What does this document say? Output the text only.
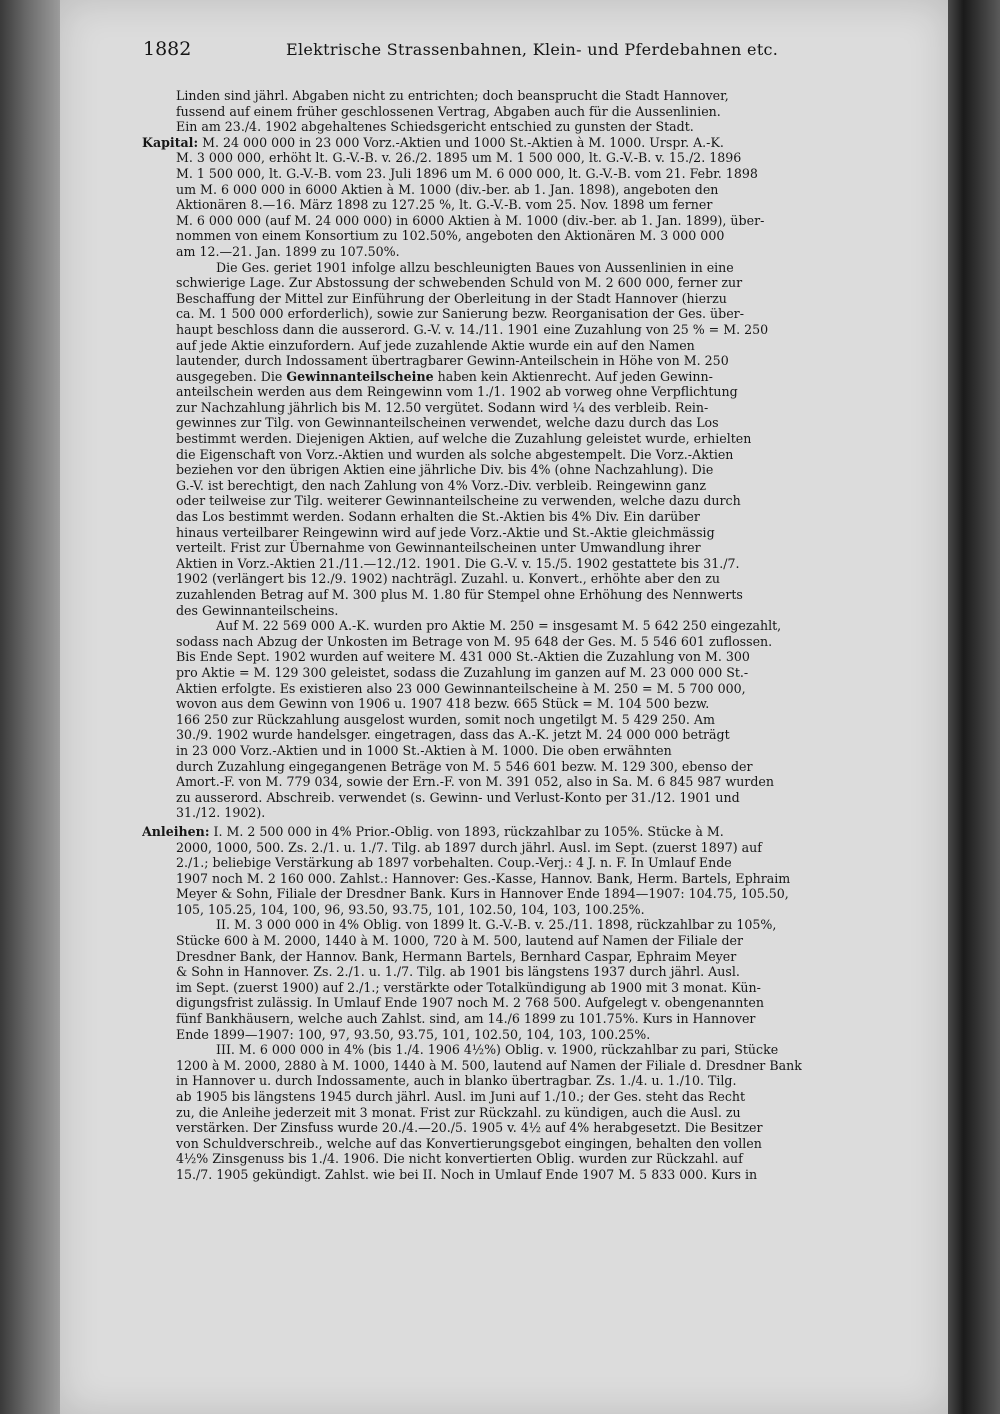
1882	Elektrische Strassenbahnen, Klein- und Pferdebahnen etc.
Linden sind jährl. Abgaben nicht zu entrichten; doch beansprucht die Stadt Hannover,
fussend auf einem früher geschlossenen Vertrag, Abgaben auch für die Aussenlinien.
Ein am 23./4. 1902 abgehaltenes Schiedsgericht entschied zu gunsten der Stadt.
Kapital: M. 24 000 000 in 23 000 Vorz.-Aktien und 1000 St.-Aktien à M. 1000. Urspr. A.-K.
M. 3 000 000, erhöht lt. G.-V.-B. v. 26./2. 1895 um M. 1 500 000, lt. G.-V.-B. v. 15./2. 1896
M. 1 500 000, lt. G.-V.-B. vom 23. Juli 1896 um M. 6 000 000, lt. G.-V.-B. vom 21. Febr. 1898
um M. 6 000 000 in 6000 Aktien à M. 1000 (div.-ber. ab 1. Jan. 1898), angeboten den
Aktionären 8.—16. März 1898 zu 127.25 %, lt. G.-V.-B. vom 25. Nov. 1898 um ferner
M. 6 000 000 (auf M. 24 000 000) in 6000 Aktien à M. 1000 (div.-ber. ab 1. Jan. 1899), über-
nommen von einem Konsortium zu 102.50%, angeboten den Aktionären M. 3 000 000
am 12.—21. Jan. 1899 zu 107.50%.
Die Ges. geriet 1901 infolge allzu beschleunigten Baues von Aussenlinien in eine
schwierige Lage. Zur Abstossung der schwebenden Schuld von M. 2 600 000, ferner zur
Beschaffung der Mittel zur Einführung der Oberleitung in der Stadt Hannover (hierzu
ca. M. 1 500 000 erforderlich), sowie zur Sanierung bezw. Reorganisation der Ges. über-
haupt beschloss dann die ausserord. G.-V. v. 14./11. 1901 eine Zuzahlung von 25 % = M. 250
auf jede Aktie einzufordern. Auf jede zuzahlende Aktie wurde ein auf den Namen
lautender, durch Indossament übertragbarer Gewinn-Anteilschein in Höhe von M. 250
ausgegeben. Die Gewinnanteilscheine haben kein Aktienrecht. Auf jeden Gewinn-
anteilschein werden aus dem Reingewinn vom 1./1. 1902 ab vorweg ohne Verpflichtung
zur Nachzahlung jährlich bis M. 12.50 vergütet. Sodann wird ¼ des verbleib. Rein-
gewinnes zur Tilg. von Gewinnanteilscheinen verwendet, welche dazu durch das Los
bestimmt werden. Diejenigen Aktien, auf welche die Zuzahlung geleistet wurde, erhielten
die Eigenschaft von Vorz.-Aktien und wurden als solche abgestempelt. Die Vorz.-Aktien
beziehen vor den übrigen Aktien eine jährliche Div. bis 4% (ohne Nachzahlung). Die
G.-V. ist berechtigt, den nach Zahlung von 4% Vorz.-Div. verbleib. Reingewinn ganz
oder teilweise zur Tilg. weiterer Gewinnanteilscheine zu verwenden, welche dazu durch
das Los bestimmt werden. Sodann erhalten die St.-Aktien bis 4% Div. Ein darüber
hinaus verteilbarer Reingewinn wird auf jede Vorz.-Aktie und St.-Aktie gleichmässig
verteilt. Frist zur Übernahme von Gewinnanteilscheinen unter Umwandlung ihrer
Aktien in Vorz.-Aktien 21./11.—12./12. 1901. Die G.-V. v. 15./5. 1902 gestattete bis 31./7.
1902 (verlängert bis 12./9. 1902) nachträgl. Zuzahl. u. Konvert., erhöhte aber den zu
zuzahlenden Betrag auf M. 300 plus M. 1.80 für Stempel ohne Erhöhung des Nennwerts
des Gewinnanteilscheins.
Auf M. 22 569 000 A.-K. wurden pro Aktie M. 250 = insgesamt M. 5 642 250 eingezahlt,
sodass nach Abzug der Unkosten im Betrage von M. 95 648 der Ges. M. 5 546 601 zuflossen.
Bis Ende Sept. 1902 wurden auf weitere M. 431 000 St.-Aktien die Zuzahlung von M. 300
pro Aktie = M. 129 300 geleistet, sodass die Zuzahlung im ganzen auf M. 23 000 000 St.-
Aktien erfolgte. Es existieren also 23 000 Gewinnanteilscheine à M. 250 = M. 5 700 000,
wovon aus dem Gewinn von 1906 u. 1907 418 bezw. 665 Stück = M. 104 500 bezw.
166 250 zur Rückzahlung ausgelost wurden, somit noch ungetilgt M. 5 429 250. Am
30./9. 1902 wurde handelsger. eingetragen, dass das A.-K. jetzt M. 24 000 000 beträgt
in 23 000 Vorz.-Aktien und in 1000 St.-Aktien à M. 1000. Die oben erwähnten
durch Zuzahlung eingegangenen Beträge von M. 5 546 601 bezw. M. 129 300, ebenso der
Amort.-F. von M. 779 034, sowie der Ern.-F. von M. 391 052, also in Sa. M. 6 845 987 wurden
zu ausserord. Abschreib. verwendet (s. Gewinn- und Verlust-Konto per 31./12. 1901 und
31./12. 1902).
Anleihen: I. M. 2 500 000 in 4% Prior.-Oblig. von 1893, rückzahlbar zu 105%. Stücke à M.
2000, 1000, 500. Zs. 2./1. u. 1./7. Tilg. ab 1897 durch jährl. Ausl. im Sept. (zuerst 1897) auf
2./1.; beliebige Verstärkung ab 1897 vorbehalten. Coup.-Verj.: 4 J. n. F. In Umlauf Ende
1907 noch M. 2 160 000. Zahlst.: Hannover: Ges.-Kasse, Hannov. Bank, Herm. Bartels, Ephraim
Meyer & Sohn, Filiale der Dresdner Bank. Kurs in Hannover Ende 1894—1907: 104.75, 105.50,
105, 105.25, 104, 100, 96, 93.50, 93.75, 101, 102.50, 104, 103, 100.25%.
II. M. 3 000 000 in 4% Oblig. von 1899 lt. G.-V.-B. v. 25./11. 1898, rückzahlbar zu 105%,
Stücke 600 à M. 2000, 1440 à M. 1000, 720 à M. 500, lautend auf Namen der Filiale der
Dresdner Bank, der Hannov. Bank, Hermann Bartels, Bernhard Caspar, Ephraim Meyer
& Sohn in Hannover. Zs. 2./1. u. 1./7. Tilg. ab 1901 bis längstens 1937 durch jährl. Ausl.
im Sept. (zuerst 1900) auf 2./1.; verstärkte oder Totalkündigung ab 1900 mit 3 monat. Kün-
digungsfrist zulässig. In Umlauf Ende 1907 noch M. 2 768 500. Aufgelegt v. obengenannten
fünf Bankhäusern, welche auch Zahlst. sind, am 14./6 1899 zu 101.75%. Kurs in Hannover
Ende 1899—1907: 100, 97, 93.50, 93.75, 101, 102.50, 104, 103, 100.25%.
III. M. 6 000 000 in 4% (bis 1./4. 1906 4½%) Oblig. v. 1900, rückzahlbar zu pari, Stücke
1200 à M. 2000, 2880 à M. 1000, 1440 à M. 500, lautend auf Namen der Filiale d. Dresdner Bank
in Hannover u. durch Indossamente, auch in blanko übertragbar. Zs. 1./4. u. 1./10. Tilg.
ab 1905 bis längstens 1945 durch jährl. Ausl. im Juni auf 1./10.; der Ges. steht das Recht
zu, die Anleihe jederzeit mit 3 monat. Frist zur Rückzahl. zu kündigen, auch die Ausl. zu
verstärken. Der Zinsfuss wurde 20./4.—20./5. 1905 v. 4½ auf 4% herabgesetzt. Die Besitzer
von Schuldverschreib., welche auf das Konvertierungsgebot eingingen, behalten den vollen
4½% Zinsgenuss bis 1./4. 1906. Die nicht konvertierten Oblig. wurden zur Rückzahl. auf
15./7. 1905 gekündigt. Zahlst. wie bei II. Noch in Umlauf Ende 1907 M. 5 833 000. Kurs in
